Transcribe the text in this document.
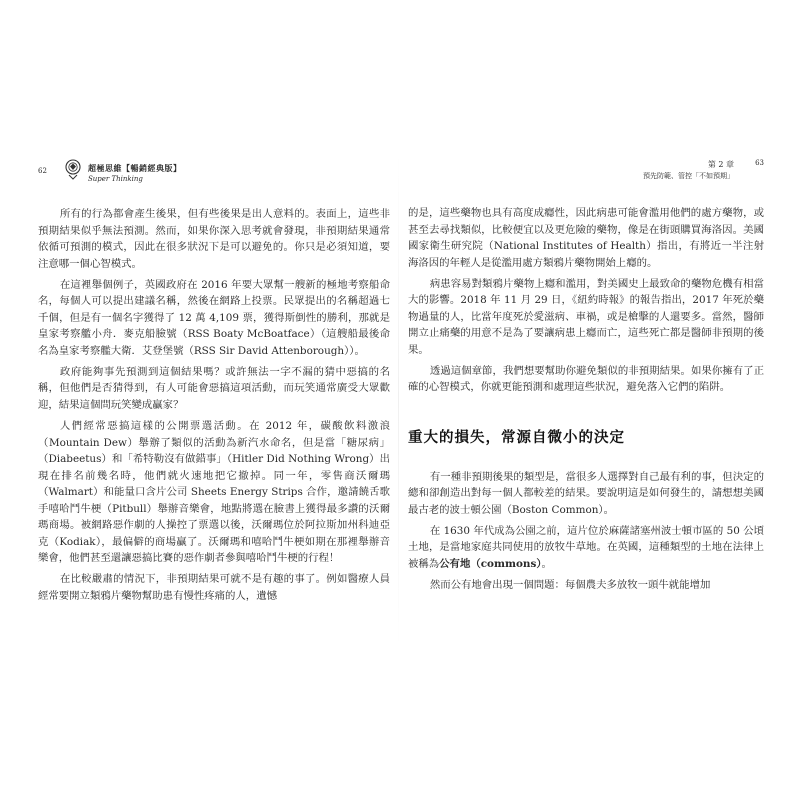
62	超極思維【暢銷經典版】
Super Thinking

所有的行為都會產生後果，但有些後果是出人意料的。表面上，這些非預期結果似乎無法預測。然而，如果你深入思考就會發現，非預期結果通常依循可預測的模式，因此在很多狀況下是可以避免的。你只是必須知道，要注意哪一個心智模式。

在這裡舉個例子，英國政府在 2016 年要大眾幫一艘新的極地考察船命名，每個人可以提出建議名稱，然後在網路上投票。民眾提出的名稱超過七千個，但是有一個名字獲得了 12 萬 4,109 票，獲得斯倒性的勝利，那就是皇家考察艦小舟．麥克船臉號（RSS Boaty McBoatface）（這艘船最後命名為皇家考察艦大衛．艾登堡號（RSS Sir David Attenborough））。

政府能夠事先預測到這個結果嗎？或許無法一字不漏的猜中惡搞的名稱，但他們是否猜得到，有人可能會惡搞這項活動，而玩笑通常廣受大眾歡迎，結果這個問玩笑變成贏家？

人們經常惡搞這樣的公開票選活動。在 2012 年，碳酸飲料激浪（Mountain Dew）舉辦了類似的活動為新汽水命名，但是當「糖尿病」（Diabeetus）和「希特勒沒有做錯事」（Hitler Did Nothing Wrong）出現在排名前幾名時，他們就火速地把它撤掉。同一年，零售商沃爾瑪（Walmart）和能量口含片公司 Sheets Energy Strips 合作，邀請饒舌歌手嘻哈鬥牛梗（Pitbull）舉辦音樂會，地點將選在臉書上獲得最多讚的沃爾瑪商場。被網路惡作劇的人操控了票選以後，沃爾瑪位於阿拉斯加州科迪亞克（Kodiak），最偏僻的商場贏了。沃爾瑪和嘻哈鬥牛梗如期在那裡舉辦音樂會，他們甚至還讓惡搞比賽的惡作劇者參與嘻哈鬥牛梗的行程！

在比較嚴肅的情況下，非預期結果可就不是有趣的事了。例如醫療人員經常要開立類鴉片藥物幫助患有慢性疼痛的人，遺憾

第 2 章
預先防範、管控「不如預期」
63

的是，這些藥物也具有高度成癮性，因此病患可能會濫用他們的處方藥物，或甚至去尋找類似，比較便宜以及更危險的藥物，像是在街頭購買海洛因。美國國家衛生研究院（National Institutes of Health）指出，有將近一半注射海洛因的年輕人是從濫用處方類鴉片藥物開始上癮的。

病患容易對類鴉片藥物上癮和濫用，對美國史上最致命的藥物危機有相當大的影響。2018 年 11 月 29 日，《紐約時報》的報告指出，2017 年死於藥物過量的人，比當年度死於愛滋病、車禍，或是槍擊的人還要多。當然，醫師開立止痛藥的用意不是為了要讓病患上癮而亡，這些死亡都是醫師非預期的後果。

透過這個章節，我們想要幫助你避免類似的非預期結果。如果你擁有了正確的心智模式，你就更能預測和處理這些狀況，避免落入它們的陷阱。

重大的損失，常源自微小的決定

有一種非預期後果的類型是，當很多人選擇對自己最有利的事，但決定的總和卻創造出對每一個人都較差的結果。要說明這是如何發生的，請想想美國最古老的波士頓公園（Boston Common）。

在 1630 年代成為公園之前，這片位於麻薩諸塞州波士頓市區的 50 公頃土地，是當地家庭共同使用的放牧牛草地。在英國，這種類型的土地在法律上被稱為公有地（commons）。

然而公有地會出現一個問題：每個農夫多放牧一頭牛就能增加
